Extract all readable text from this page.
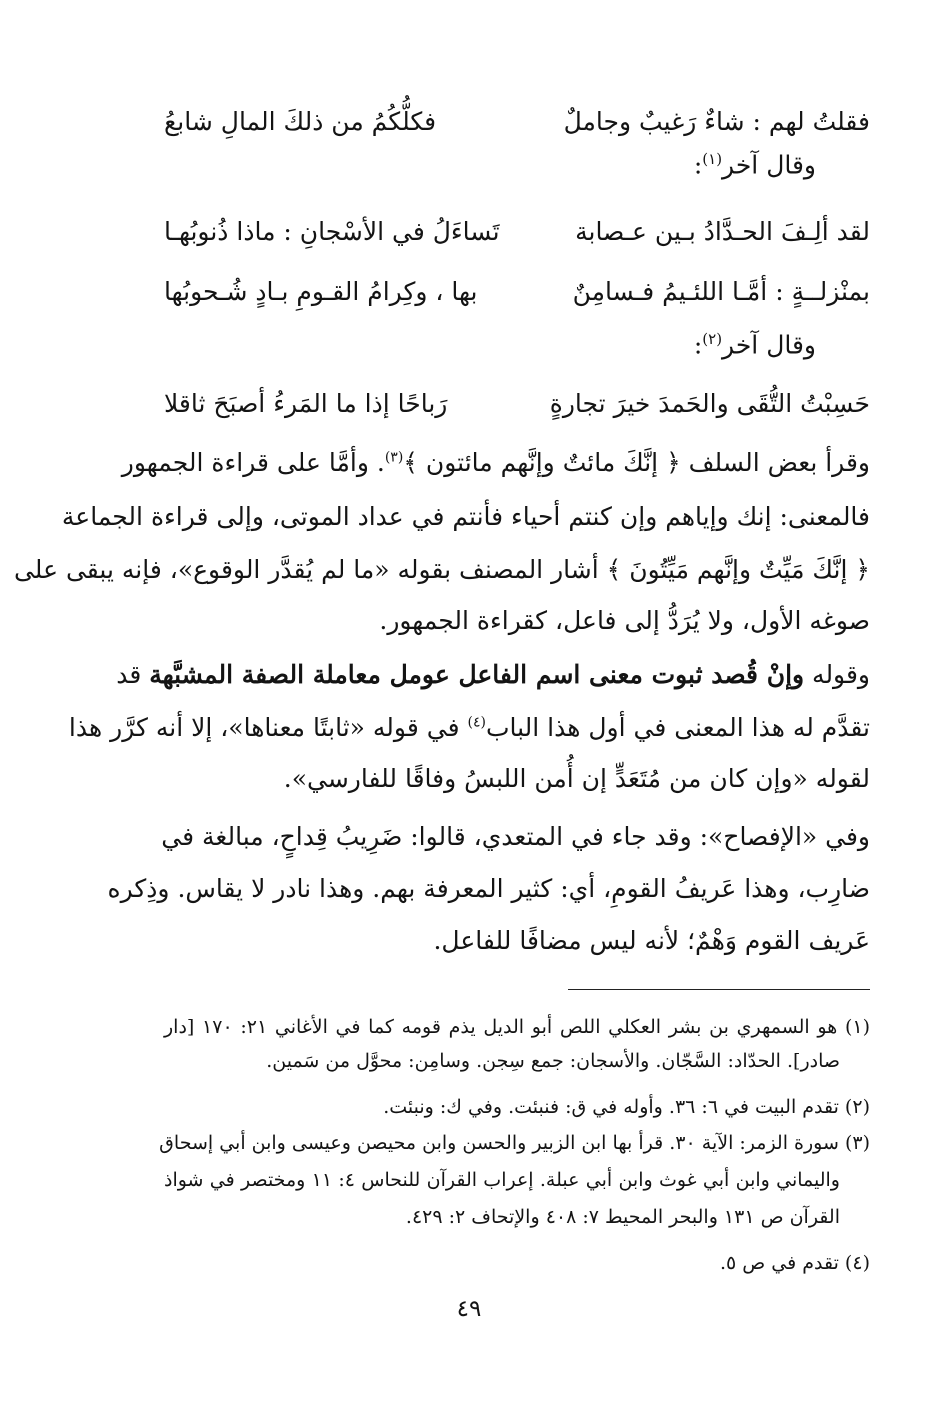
فقلتُ لهم : شاءٌ رَغيبٌ وجاملٌ
فكلُّكُمُ من ذلكَ المالِ شابعُ
وقال آخر$^{(١)}$:
لقد ألِـفَ الحـدَّادُ بـين عـصابة
تَساءَلُ في الأسْجانِ : ماذا ذُنوبُهـا
بمنْزلــةٍ : أمَّـا اللئـيمُ فـسامِنٌ
بها ، وكِرامُ القـومِ بـادٍ شُـحوبُها
وقال آخر$^{(٢)}$:
حَسِبْتُ التُّقَى والحَمدَ خيرَ تجارةٍ
رَباحًا إذا ما المَرءُ أصبَحَ ثاقلا
وقرأ بعض السلف ﴿ إنَّكَ مائتٌ وإنَّهم مائتون ﴾$^{(٣)}$. وأمَّا على قراءة الجمهور
فالمعنى: إنك وإياهم وإن كنتم أحياء فأنتم في عداد الموتى، وإلى قراءة الجماعة
﴿ إنَّكَ مَيِّتٌ وإنَّهم مَيِّتُونَ ﴾ أشار المصنف بقوله «ما لم يُقدَّر الوقوع»، فإنه يبقى على
صوغه الأول، ولا يُرَدُّ إلى فاعل، كقراءة الجمهور.
وقوله وإنْ قُصد ثبوت معنى اسم الفاعل عومل معاملة الصفة المشبَّهة قد
تقدَّم له هذا المعنى في أول هذا الباب$^{(٤)}$ في قوله «ثابتًا معناها»، إلا أنه كرَّر هذا
لقوله «وإن كان من مُتَعَدٍّ إن أُمن اللبسُ وفاقًا للفارسي».
وفي «الإفصاح»: وقد جاء في المتعدي، قالوا: ضَرِيبُ قِداحٍ، مبالغة في
ضارِب، وهذا عَريفُ القومِ، أي: كثير المعرفة بهم. وهذا نادر لا يقاس. وذِكره
عَريف القوم وَهْمٌ؛ لأنه ليس مضافًا للفاعل.
(١) هو السمهري بن بشر العكلي اللص أبو الديل يذم قومه كما في الأغاني ٢١: ١٧٠ [دار
صادر]. الحدّاد: السَّجّان. والأسجان: جمع سِجن. وسامِن: محوَّل من سَمين.
(٢) تقدم البيت في ٦: ٣٦. وأوله في ق: فنبئت. وفي ك: ونبئت.
(٣) سورة الزمر: الآية ٣٠. قرأ بها ابن الزبير والحسن وابن محيصن وعيسى وابن أبي إسحاق
واليماني وابن أبي غوث وابن أبي عبلة. إعراب القرآن للنحاس ٤: ١١ ومختصر في شواذ
القرآن ص ١٣١ والبحر المحيط ٧: ٤٠٨ والإتحاف ٢: ٤٢٩.
(٤) تقدم في ص ٥.
٤٩
